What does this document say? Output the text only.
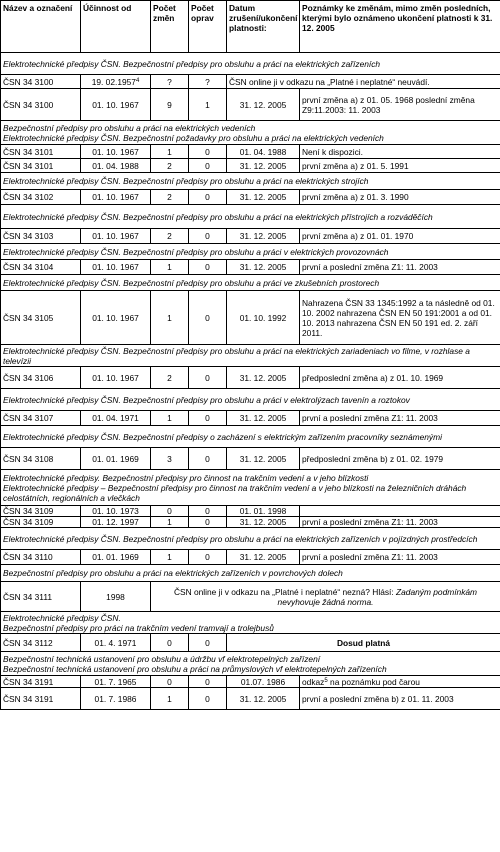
Název a označení	Účinnost od	Počet změn	Počet oprav	Datum zrušení/ukončení platnosti:	Poznámky ke změnám, mimo změn posledních, kterými bylo oznámeno ukončení platnosti k 31. 12. 2005

Elektrotechnické předpisy ČSN. Bezpečnostní předpisy pro obsluhu a práci na elektrických zařízeních					

ČSN 34 3100	19. 02.1957$^4$	?	?	ČSN online ji v odkazu na „Platné i neplatné“ neuvádí.	
ČSN 34 3100	01. 10. 1967	9	1	31. 12. 2005	první změna a) z 01. 05. 1968 poslední změna Z9:11.2003: 11. 2003

Bezpečnostní předpisy pro obsluhu a práci na elektrických vedeních
Elektrotechnické předpisy ČSN. Bezpečnostní požadavky pro obsluhu a práci na elektrických vedeních					

ČSN 34 3101	01. 10. 1967	1	0	01. 04. 1988	Není k dispozici.
ČSN 34 3101	01. 04. 1988	2	0	31. 12. 2005	první změna a) z 01. 5. 1991

Elektrotechnické předpisy ČSN. Bezpečnostní předpisy pro obsluhu a práci na elektrických strojích					

ČSN 34 3102	01. 10. 1967	2	0	31. 12. 2005	první změna a) z 01. 3. 1990

Elektrotechnické předpisy ČSN. Bezpečnostní předpisy pro obsluhu a práci na elektrických přístrojích a rozváděčích					

ČSN 34 3103	01. 10. 1967	2	0	31. 12. 2005	první změna a) z 01. 01. 1970

Elektrotechnické předpisy ČSN. Bezpečnostní předpisy pro obsluhu a práci v elektrických provozovnách					

ČSN 34 3104	01. 10. 1967	1	0	31. 12. 2005	první a poslední změna Z1: 11. 2003

Elektrotechnické předpisy ČSN. Bezpečnostní předpisy pro obsluhu a práci ve zkušebních prostorech					

ČSN 34 3105	01. 10. 1967	1	0	01. 10. 1992	Nahrazena ČSN 33 1345:1992 a ta následně od 01. 10. 2002 nahrazena ČSN EN 50 191:2001 a od 01. 10. 2013 nahrazena ČSN EN 50 191 ed. 2. září 2011.

Elektrotechnické předpisy ČSN. Bezpečnostní předpisy pro obsluhu a práci na elektrických zariadeniach vo filme, v rozhlase a televízii					

ČSN 34 3106	01. 10. 1967	2	0	31. 12. 2005	předposlední změna a) z 01. 10. 1969

Elektrotechnické předpisy ČSN. Bezpečnostní předpisy pro obsluhu a práci v elektrolýzach tavenín a roztokov					

ČSN 34 3107	01. 04. 1971	1	0	31. 12. 2005	první a poslední změna Z1: 11. 2003

Elektrotechnické předpisy ČSN. Bezpečnostní předpisy o zacházení s elektrickým zařízením pracovníky seznámenými					

ČSN 34 3108	01. 01. 1969	3	0	31. 12. 2005	předposlední změna b) z 01. 02. 1979

Elektrotechnické předpisy. Bezpečnostní předpisy pro činnost na trakčním vedení a v jeho blízkosti
Elektrotechnické předpisy – Bezpečnostní předpisy pro činnost na trakčním vedení a v jeho blízkosti na železničních dráhách celostátních, regionálních a vlečkách					

ČSN 34 3109	01. 10. 1973	0	0	01. 01. 1998	
ČSN 34 3109	01. 12. 1997	1	0	31. 12. 2005	první a poslední změna Z1: 11. 2003

Elektrotechnické předpisy ČSN. Bezpečnostní předpisy pro obsluhu a práci na elektrických zařízeních v pojízdných prostředcích					

ČSN 34 3110	01. 01. 1969	1	0	31. 12. 2005	první a poslední změna Z1: 11. 2003

Bezpečnostní předpisy pro obsluhu a práci na elektrických zařízeních v povrchových dolech					

ČSN 34 3111	1998	ČSN online ji v odkazu na „Platné i neplatné“ nezná? Hlásí: Zadaným podmínkám nevyhovuje žádná norma.			

Elektrotechnické předpisy ČSN.
Bezpečnostní předpisy pro práci na trakčním vedení tramvají a trolejbusů					

ČSN 34 3112	01. 4. 1971	0	0	Dosud platná	

Bezpečnostní technická ustanovení pro obsluhu a údržbu vf elektrotepelných zařízení
Bezpečnostní technická ustanovení pro obsluhu a práci na průmyslových vf elektrotepelných zařízeních					

ČSN 34 3191	01. 7. 1965	0	0	01.07. 1986	odkaz$^5$ na poznámku pod čarou
ČSN 34 3191	01. 7. 1986	1	0	31. 12. 2005	první a poslední změna b) z 01. 11. 2003
